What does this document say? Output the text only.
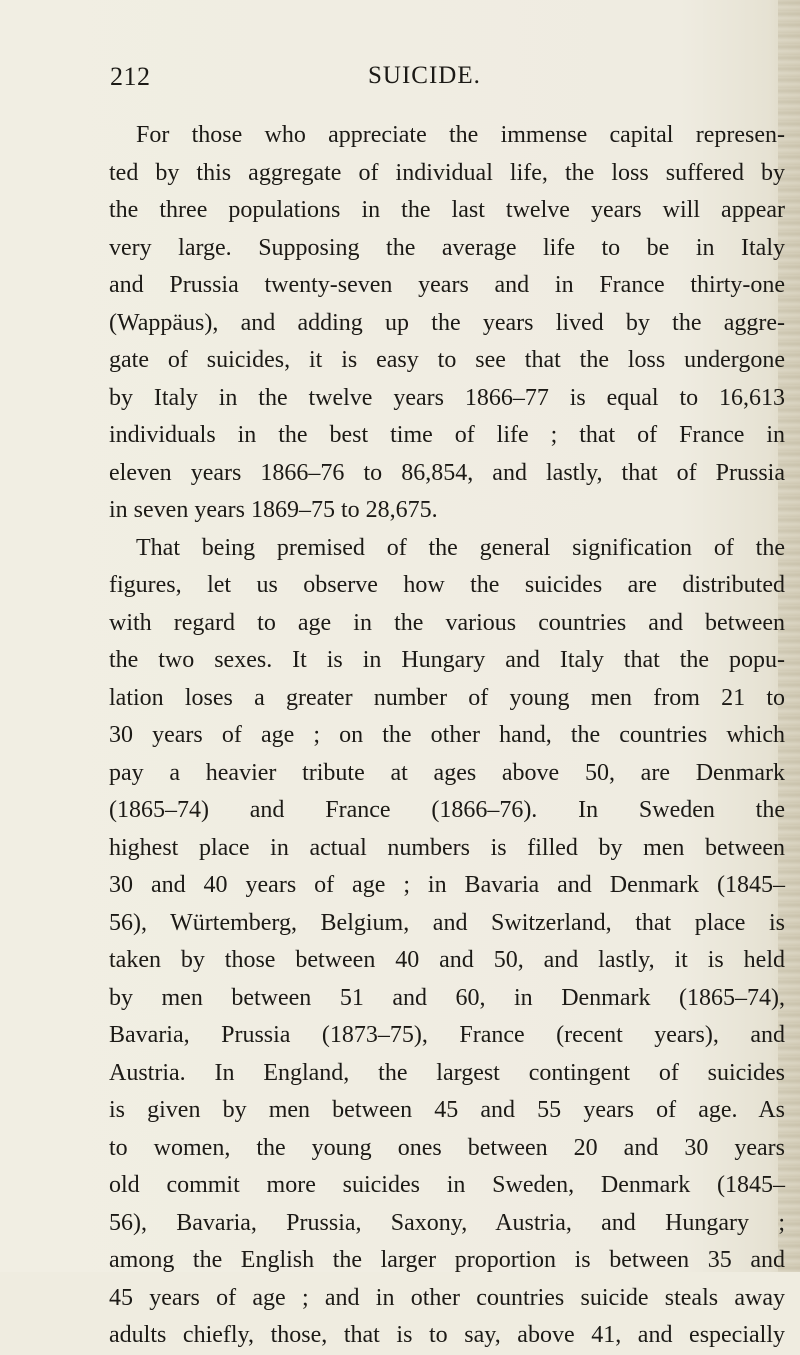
212	SUICIDE.
For those who appreciate the immense capital represen-
ted by this aggregate of individual life, the loss suffered by
the three populations in the last twelve years will appear
very large. Supposing the average life to be in Italy
and Prussia twenty-seven years and in France thirty-one
(Wappäus), and adding up the years lived by the aggre-
gate of suicides, it is easy to see that the loss undergone
by Italy in the twelve years 1866–77 is equal to 16,613
individuals in the best time of life ; that of France in
eleven years 1866–76 to 86,854, and lastly, that of Prussia
in seven years 1869–75 to 28,675.
That being premised of the general signification of the
figures, let us observe how the suicides are distributed
with regard to age in the various countries and between
the two sexes. It is in Hungary and Italy that the popu-
lation loses a greater number of young men from 21 to
30 years of age ; on the other hand, the countries which
pay a heavier tribute at ages above 50, are Denmark
(1865–74) and France (1866–76). In Sweden the
highest place in actual numbers is filled by men between
30 and 40 years of age ; in Bavaria and Denmark (1845–
56), Würtemberg, Belgium, and Switzerland, that place is
taken by those between 40 and 50, and lastly, it is held
by men between 51 and 60, in Denmark (1865–74),
Bavaria, Prussia (1873–75), France (recent years), and
Austria. In England, the largest contingent of suicides
is given by men between 45 and 55 years of age. As
to women, the young ones between 20 and 30 years
old commit more suicides in Sweden, Denmark (1845–
56), Bavaria, Prussia, Saxony, Austria, and Hungary ;
among the English the larger proportion is between 35 and
45 years of age ; and in other countries suicide steals away
adults chiefly, those, that is to say, above 41, and especially
